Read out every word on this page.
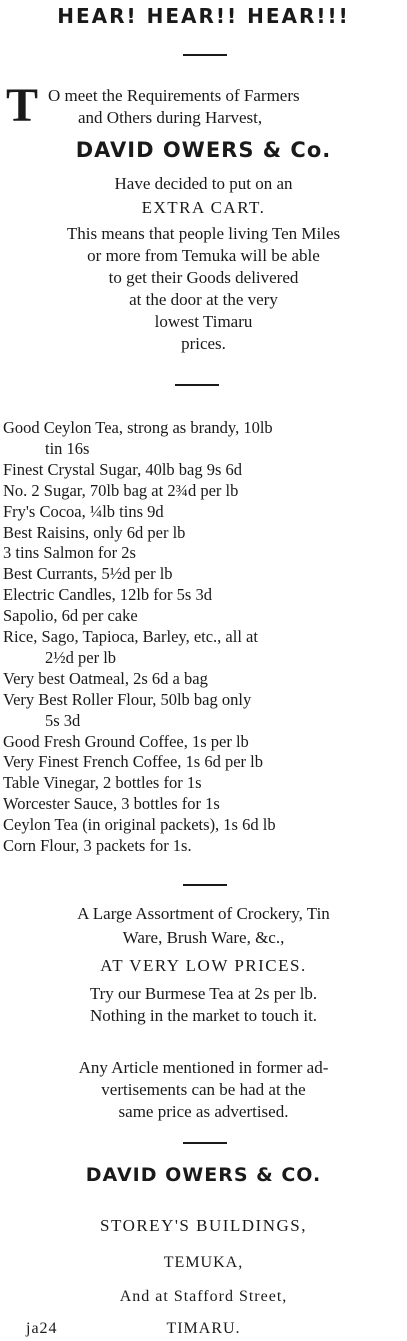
HEAR! HEAR!! HEAR!!!
T O meet the Requirements of Farmers
and Others during Harvest,
DAVID OWERS & Co.
Have decided to put on an
EXTRA CART.
This means that people living Ten Miles
or more from Temuka will be able
to get their Goods delivered
at the door at the very
lowest Timaru
prices.
Good Ceylon Tea, strong as brandy, 10lb
tin 16s
Finest Crystal Sugar, 40lb bag 9s 6d
No. 2 Sugar, 70lb bag at 2¾d per lb
Fry's Cocoa, ¼lb tins 9d
Best Raisins, only 6d per lb
3 tins Salmon for 2s
Best Currants, 5½d per lb
Electric Candles, 12lb for 5s 3d
Sapolio, 6d per cake
Rice, Sago, Tapioca, Barley, etc., all at
2½d per lb
Very best Oatmeal, 2s 6d a bag
Very Best Roller Flour, 50lb bag only
5s 3d
Good Fresh Ground Coffee, 1s per lb
Very Finest French Coffee, 1s 6d per lb
Table Vinegar, 2 bottles for 1s
Worcester Sauce, 3 bottles for 1s
Ceylon Tea (in original packets), 1s 6d lb
Corn Flour, 3 packets for 1s.
A Large Assortment of Crockery, Tin
Ware, Brush Ware, &c.,
AT VERY LOW PRICES.
Try our Burmese Tea at 2s per lb.
Nothing in the market to touch it.
Any Article mentioned in former ad-
vertisements can be had at the
same price as advertised.
DAVID OWERS & CO.
STOREY'S BUILDINGS,
TEMUKA,
And at Stafford Street,
ja24	TIMARU.
